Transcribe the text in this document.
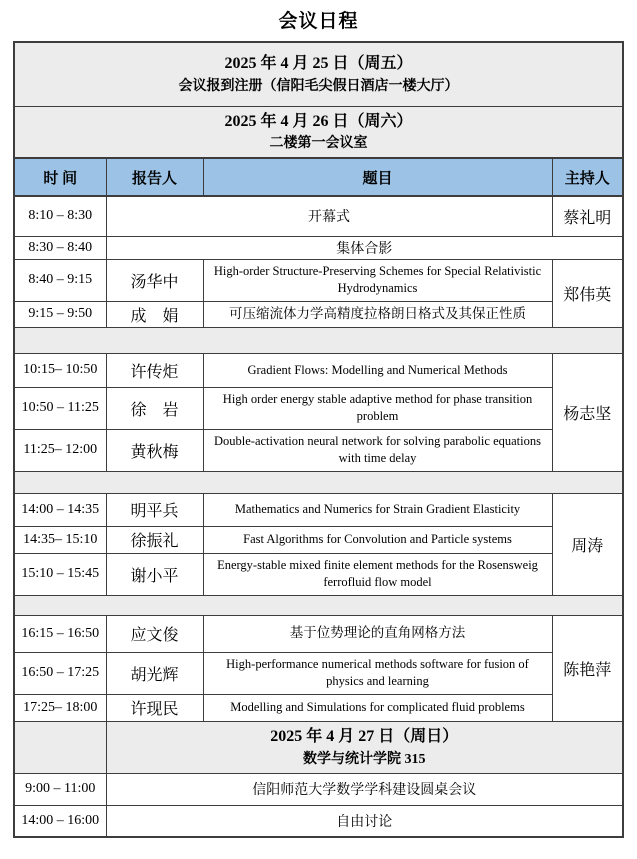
会议日程
2025 年 4 月 25 日（周五）
会议报到注册（信阳毛尖假日酒店一楼大厅）			

2025 年 4 月 26 日（周六）
二楼第一会议室			

时 间	报告人	题目	主持人
8:10 – 8:30	开幕式		蔡礼明
8:30 – 8:40	集体合影		
8:40 – 9:15	汤华中	High-order Structure-Preserving Schemes for Special Relativistic Hydrodynamics	郑伟英
9:15 – 9:50	成　娟	可压缩流体力学高精度拉格朗日格式及其保正性质	

10:15– 10:50	许传炬	Gradient Flows: Modelling and Numerical Methods	杨志坚
10:50 – 11:25	徐　岩	High order energy stable adaptive method for phase transition problem	
11:25– 12:00	黄秋梅	Double-activation neural network for solving parabolic equations with time delay	

14:00 – 14:35	明平兵	Mathematics and Numerics for Strain Gradient Elasticity	周涛
14:35– 15:10	徐振礼	Fast Algorithms for Convolution and Particle systems	
15:10 – 15:45	谢小平	Energy-stable mixed finite element methods for the Rosensweig ferrofluid flow model	

16:15 – 16:50	应文俊	基于位势理论的直角网格方法	陈艳萍
16:50 – 17:25	胡光辉	High-performance numerical methods software for fusion of physics and learning	
17:25– 18:00	许现民	Modelling and Simulations for complicated fluid problems	

	2025 年 4 月 27 日（周日）
数学与统计学院 315		

9:00 – 11:00	信阳师范大学数学学科建设圆桌会议		
14:00 – 16:00	自由讨论		
